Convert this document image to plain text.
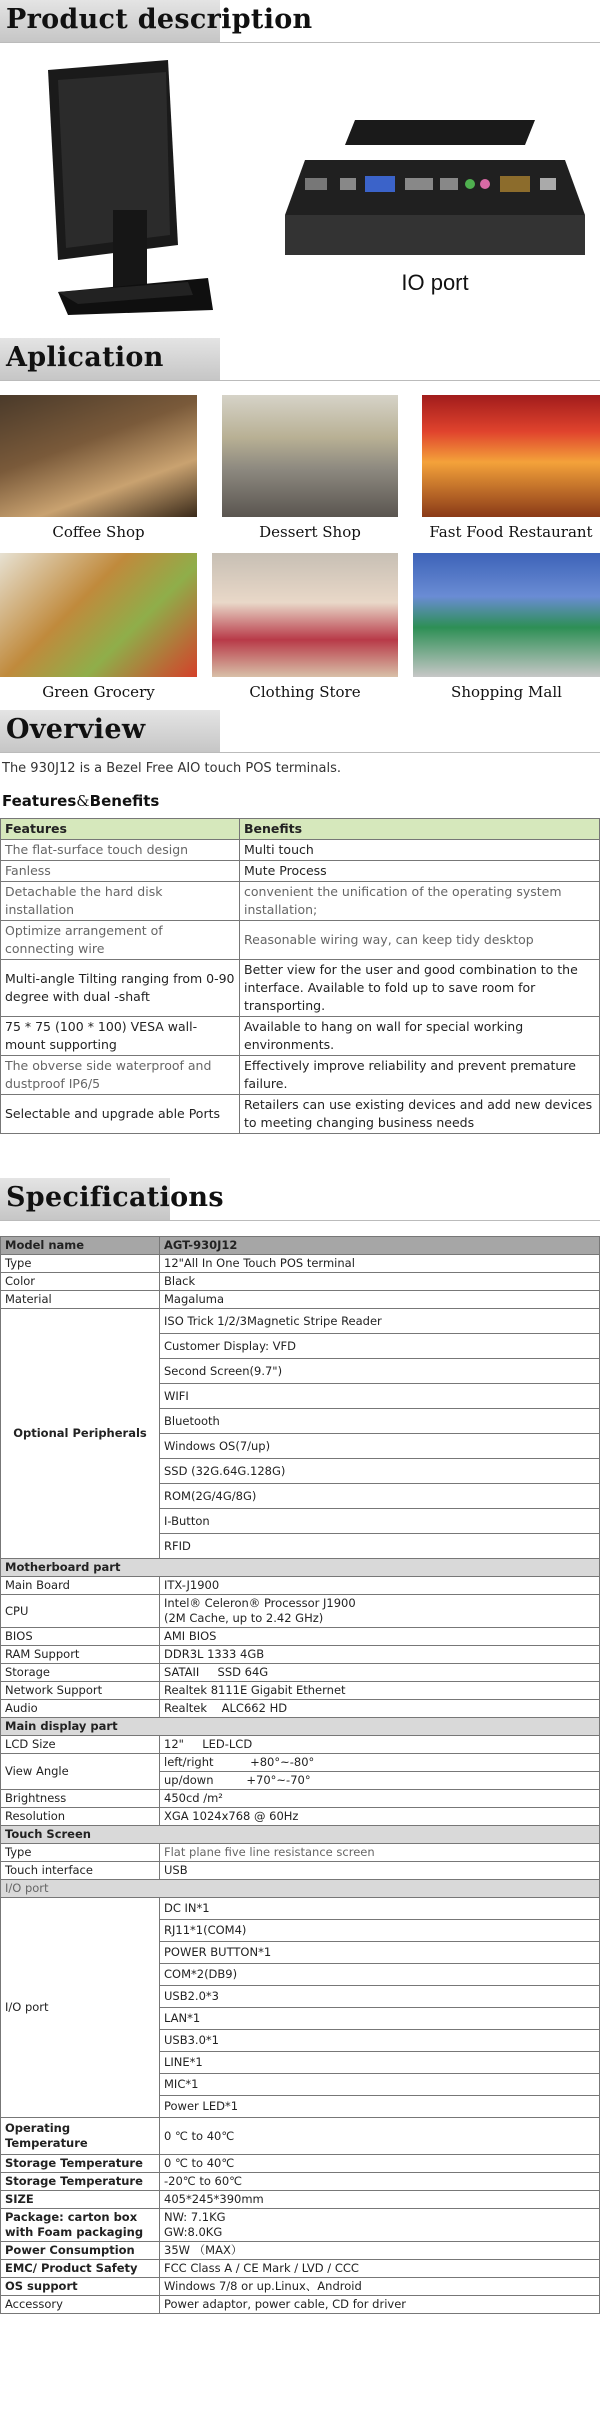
Product description
IO port
Aplication
Coffee Shop	Dessert Shop	Fast Food Restaurant
Green Grocery	Clothing Store	Shopping Mall
Overview
The 930J12 is a Bezel Free AIO touch POS terminals.
Features&Benefits
Features	Benefits
The flat-surface touch design	Multi touch
Fanless	Mute Process
Detachable the hard disk installation	convenient the unification of the operating system installation;
Optimize arrangement of connecting wire	Reasonable wiring way, can keep tidy desktop
Multi-angle Tilting ranging from 0-90 degree with dual -shaft	Better view for the user and good combination to the interface. Available to fold up to save room for transporting.
75 * 75 (100 * 100) VESA wall-mount supporting	Available to hang on wall for special working environments.
The obverse side waterproof and dustproof IP6/5	Effectively improve reliability and prevent premature failure.
Selectable and upgrade able Ports	Retailers can use existing devices and add new devices to meeting changing business needs
Specifications
Model name	AGT-930J12
Type	12"All In One Touch POS terminal
Color	Black
Material	Magaluma
Optional Peripherals	ISO Trick 1/2/3Magnetic Stripe Reader
	Customer Display: VFD
	Second Screen(9.7")
	WIFI
	Bluetooth
	Windows OS(7/up)
	SSD (32G.64G.128G)
	ROM(2G/4G/8G)
	I-Button
	RFID
Motherboard part	
Main Board	ITX-J1900
CPU	Intel® Celeron® Processor J1900
(2M Cache, up to 2.42 GHz)

BIOS	AMI BIOS
RAM Support	DDR3L 1333 4GB
Storage	SATAII     SSD 64G
Network Support	Realtek 8111E Gigabit Ethernet
Audio	Realtek    ALC662 HD
Main display part	
LCD Size	12"     LED-LCD
View Angle	left/right          +80°~-80°
up/down         +70°~-70°

Brightness	450cd /m²
Resolution	XGA 1024x768 @ 60Hz
Touch Screen	
Type	Flat plane five line resistance screen
Touch interface	USB
I/O port	
I/O port	DC IN*1
	RJ11*1(COM4)
	POWER BUTTON*1
	COM*2(DB9)
	USB2.0*3
	LAN*1
	USB3.0*1
	LINE*1
	MIC*1
	Power LED*1
Operating Temperature	0 ℃ to 40℃
Storage Temperature	0 ℃ to 40℃
Storage Temperature	-20℃ to 60℃
SIZE	405*245*390mm
Package: carton box with Foam packaging	NW: 7.1KG
GW:8.0KG

Power Consumption	35W （MAX）
EMC/ Product Safety	FCC Class A / CE Mark / LVD / CCC
OS support	Windows 7/8 or up.Linux、Android
Accessory	Power adaptor, power cable, CD for driver
